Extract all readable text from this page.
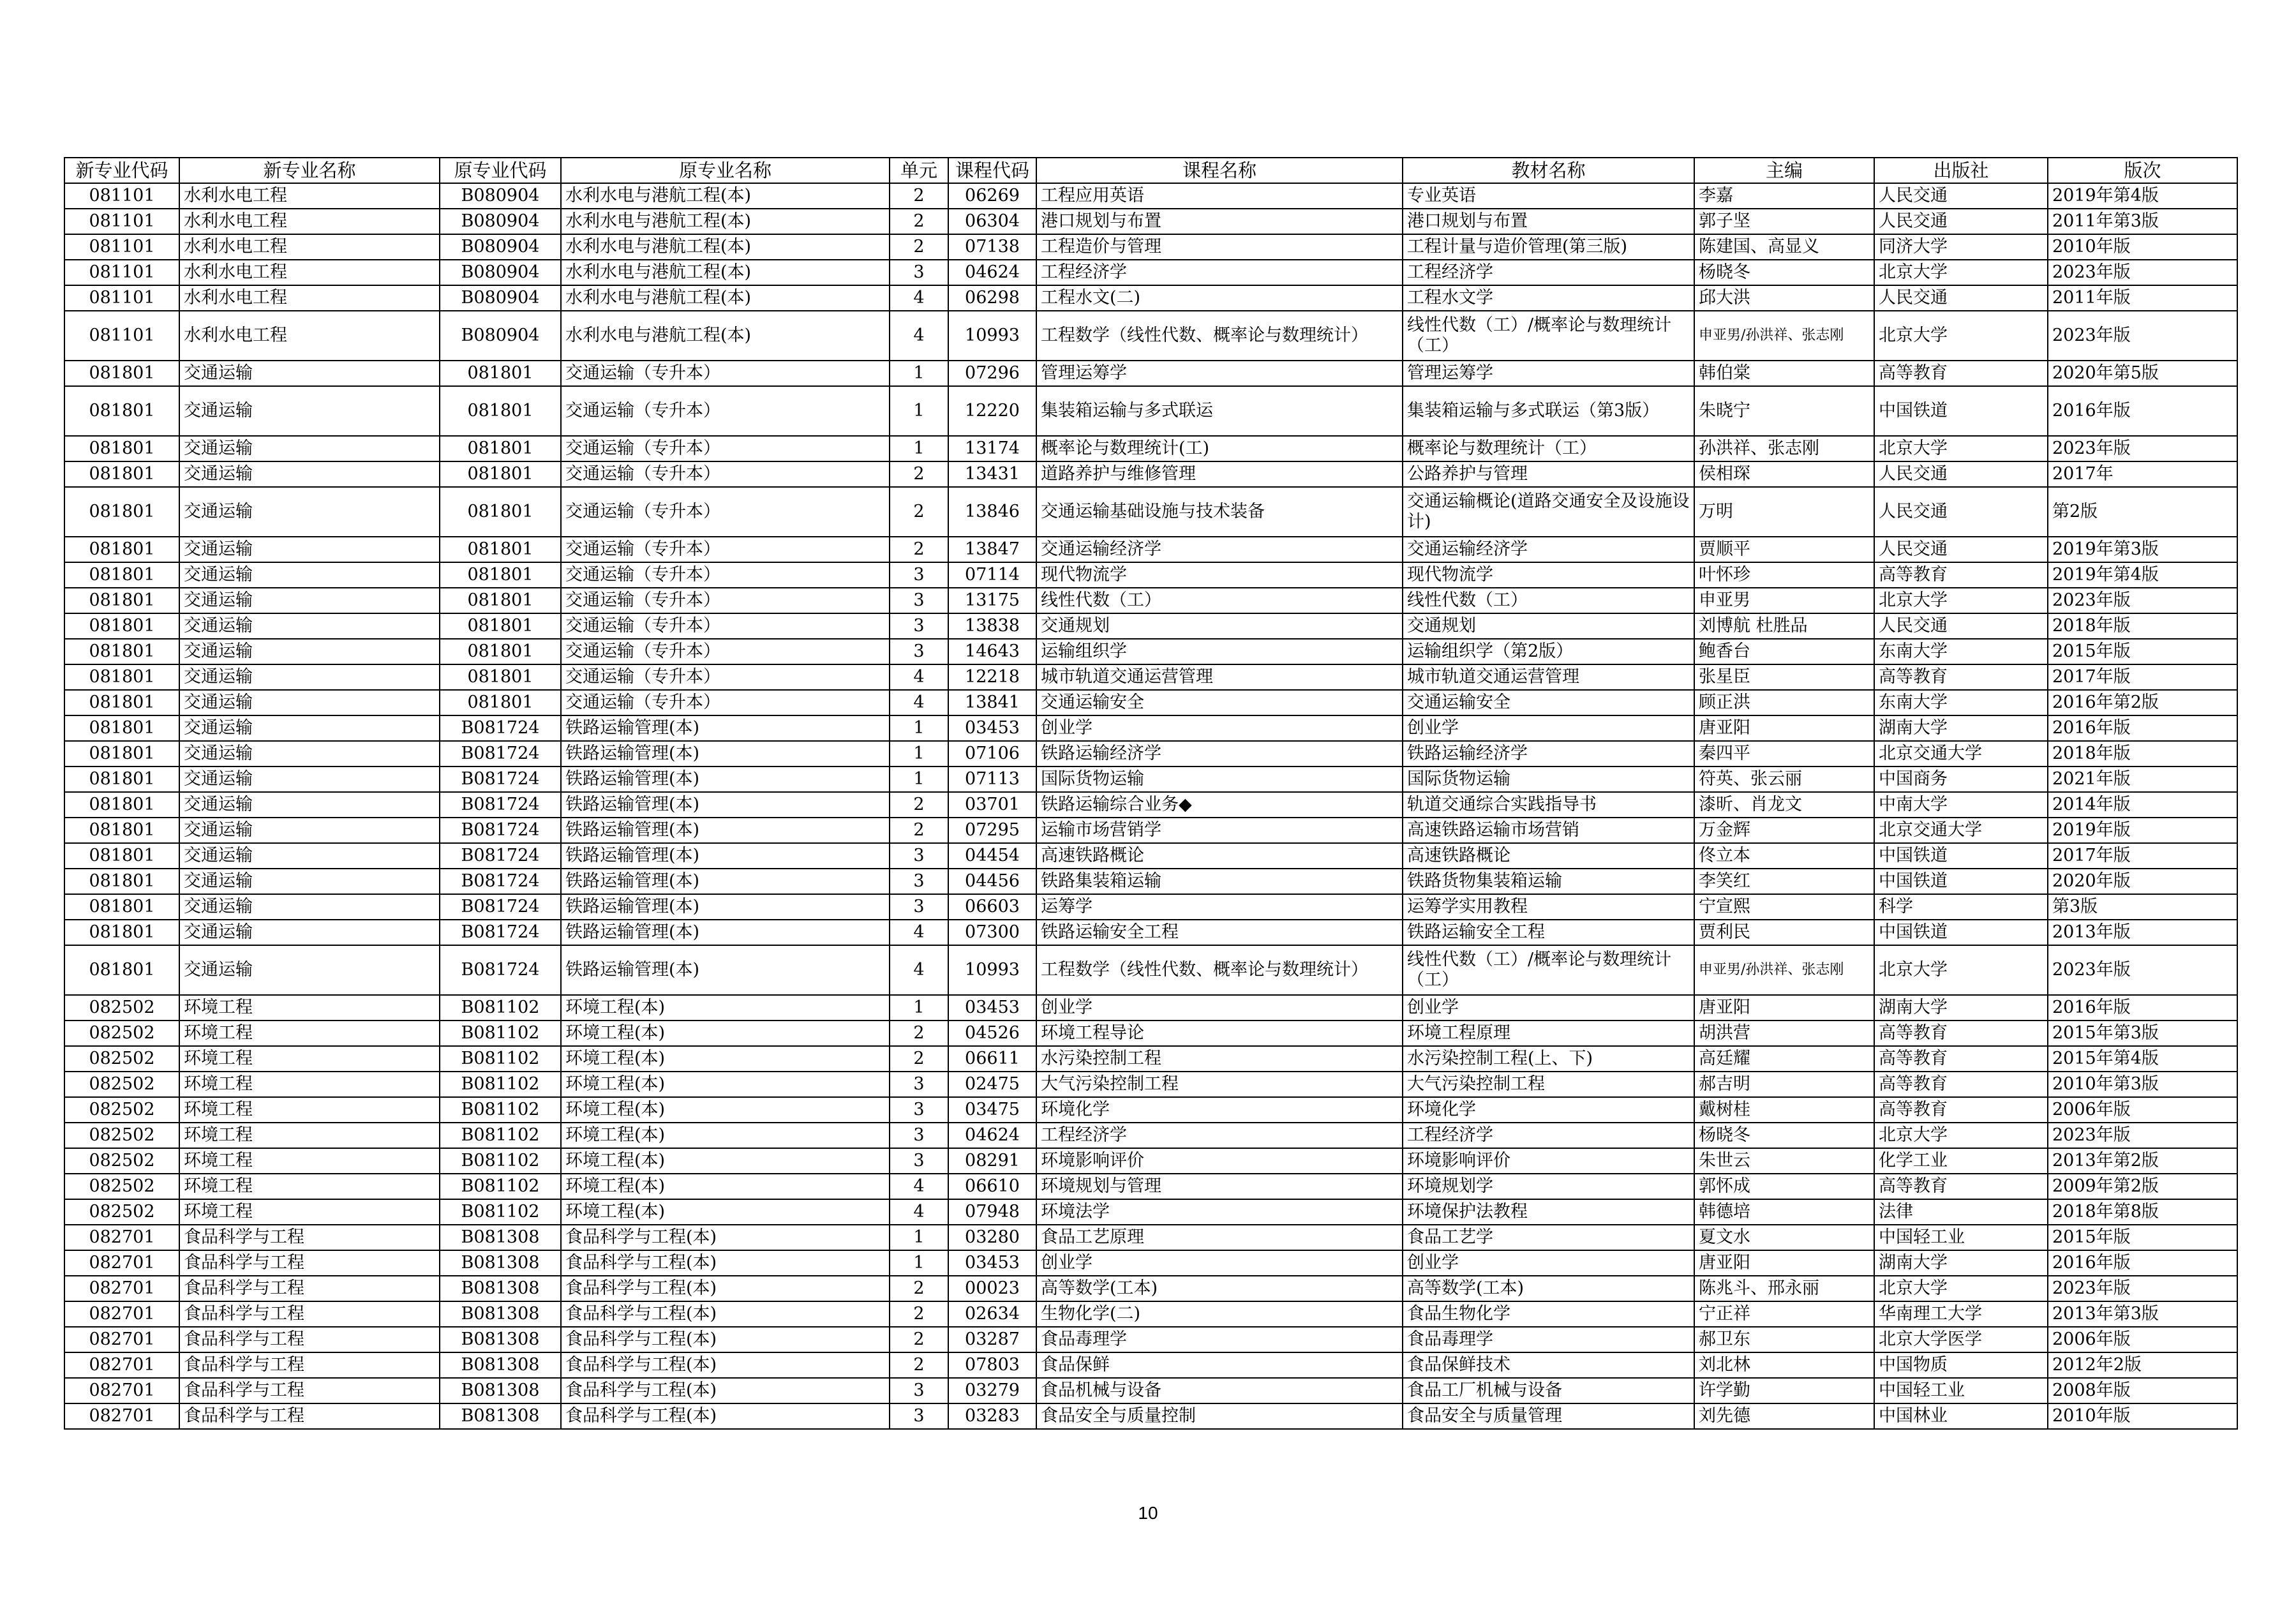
新专业代码	新专业名称	原专业代码	原专业名称	单元	课程代码	课程名称	教材名称	主编	出版社	版次
081101	水利水电工程	B080904	水利水电与港航工程(本)	2	06269	工程应用英语	专业英语	李嘉	人民交通	2019年第4版
081101	水利水电工程	B080904	水利水电与港航工程(本)	2	06304	港口规划与布置	港口规划与布置	郭子坚	人民交通	2011年第3版
081101	水利水电工程	B080904	水利水电与港航工程(本)	2	07138	工程造价与管理	工程计量与造价管理(第三版)	陈建国、高显义	同济大学	2010年版
081101	水利水电工程	B080904	水利水电与港航工程(本)	3	04624	工程经济学	工程经济学	杨晓冬	北京大学	2023年版
081101	水利水电工程	B080904	水利水电与港航工程(本)	4	06298	工程水文(二)	工程水文学	邱大洪	人民交通	2011年版
081101	水利水电工程	B080904	水利水电与港航工程(本)	4	10993	工程数学（线性代数、概率论与数理统计）	线性代数（工）/概率论与数理统计（工）	申亚男/孙洪祥、张志刚	北京大学	2023年版
081801	交通运输	081801	交通运输（专升本）	1	07296	管理运筹学	管理运筹学	韩伯棠	高等教育	2020年第5版
081801	交通运输	081801	交通运输（专升本）	1	12220	集装箱运输与多式联运	集装箱运输与多式联运（第3版）	朱晓宁	中国铁道	2016年版
081801	交通运输	081801	交通运输（专升本）	1	13174	概率论与数理统计(工)	概率论与数理统计（工）	孙洪祥、张志刚	北京大学	2023年版
081801	交通运输	081801	交通运输（专升本）	2	13431	道路养护与维修管理	公路养护与管理	侯相琛	人民交通	2017年
081801	交通运输	081801	交通运输（专升本）	2	13846	交通运输基础设施与技术装备	交通运输概论(道路交通安全及设施设计)	万明	人民交通	第2版
081801	交通运输	081801	交通运输（专升本）	2	13847	交通运输经济学	交通运输经济学	贾顺平	人民交通	2019年第3版
081801	交通运输	081801	交通运输（专升本）	3	07114	现代物流学	现代物流学	叶怀珍	高等教育	2019年第4版
081801	交通运输	081801	交通运输（专升本）	3	13175	线性代数（工）	线性代数（工）	申亚男	北京大学	2023年版
081801	交通运输	081801	交通运输（专升本）	3	13838	交通规划	交通规划	刘博航 杜胜品	人民交通	2018年版
081801	交通运输	081801	交通运输（专升本）	3	14643	运输组织学	运输组织学（第2版）	鲍香台	东南大学	2015年版
081801	交通运输	081801	交通运输（专升本）	4	12218	城市轨道交通运营管理	城市轨道交通运营管理	张星臣	高等教育	2017年版
081801	交通运输	081801	交通运输（专升本）	4	13841	交通运输安全	交通运输安全	顾正洪	东南大学	2016年第2版
081801	交通运输	B081724	铁路运输管理(本)	1	03453	创业学	创业学	唐亚阳	湖南大学	2016年版
081801	交通运输	B081724	铁路运输管理(本)	1	07106	铁路运输经济学	铁路运输经济学	秦四平	北京交通大学	2018年版
081801	交通运输	B081724	铁路运输管理(本)	1	07113	国际货物运输	国际货物运输	符英、张云丽	中国商务	2021年版
081801	交通运输	B081724	铁路运输管理(本)	2	03701	铁路运输综合业务◆	轨道交通综合实践指导书	漆昕、肖龙文	中南大学	2014年版
081801	交通运输	B081724	铁路运输管理(本)	2	07295	运输市场营销学	高速铁路运输市场营销	万金辉	北京交通大学	2019年版
081801	交通运输	B081724	铁路运输管理(本)	3	04454	高速铁路概论	高速铁路概论	佟立本	中国铁道	2017年版
081801	交通运输	B081724	铁路运输管理(本)	3	04456	铁路集装箱运输	铁路货物集装箱运输	李笑红	中国铁道	2020年版
081801	交通运输	B081724	铁路运输管理(本)	3	06603	运筹学	运筹学实用教程	宁宣熙	科学	第3版
081801	交通运输	B081724	铁路运输管理(本)	4	07300	铁路运输安全工程	铁路运输安全工程	贾利民	中国铁道	2013年版
081801	交通运输	B081724	铁路运输管理(本)	4	10993	工程数学（线性代数、概率论与数理统计）	线性代数（工）/概率论与数理统计（工）	申亚男/孙洪祥、张志刚	北京大学	2023年版
082502	环境工程	B081102	环境工程(本)	1	03453	创业学	创业学	唐亚阳	湖南大学	2016年版
082502	环境工程	B081102	环境工程(本)	2	04526	环境工程导论	环境工程原理	胡洪营	高等教育	2015年第3版
082502	环境工程	B081102	环境工程(本)	2	06611	水污染控制工程	水污染控制工程(上、下)	高廷耀	高等教育	2015年第4版
082502	环境工程	B081102	环境工程(本)	3	02475	大气污染控制工程	大气污染控制工程	郝吉明	高等教育	2010年第3版
082502	环境工程	B081102	环境工程(本)	3	03475	环境化学	环境化学	戴树桂	高等教育	2006年版
082502	环境工程	B081102	环境工程(本)	3	04624	工程经济学	工程经济学	杨晓冬	北京大学	2023年版
082502	环境工程	B081102	环境工程(本)	3	08291	环境影响评价	环境影响评价	朱世云	化学工业	2013年第2版
082502	环境工程	B081102	环境工程(本)	4	06610	环境规划与管理	环境规划学	郭怀成	高等教育	2009年第2版
082502	环境工程	B081102	环境工程(本)	4	07948	环境法学	环境保护法教程	韩德培	法律	2018年第8版
082701	食品科学与工程	B081308	食品科学与工程(本)	1	03280	食品工艺原理	食品工艺学	夏文水	中国轻工业	2015年版
082701	食品科学与工程	B081308	食品科学与工程(本)	1	03453	创业学	创业学	唐亚阳	湖南大学	2016年版
082701	食品科学与工程	B081308	食品科学与工程(本)	2	00023	高等数学(工本)	高等数学(工本)	陈兆斗、邢永丽	北京大学	2023年版
082701	食品科学与工程	B081308	食品科学与工程(本)	2	02634	生物化学(二)	食品生物化学	宁正祥	华南理工大学	2013年第3版
082701	食品科学与工程	B081308	食品科学与工程(本)	2	03287	食品毒理学	食品毒理学	郝卫东	北京大学医学	2006年版
082701	食品科学与工程	B081308	食品科学与工程(本)	2	07803	食品保鲜	食品保鲜技术	刘北林	中国物质	2012年2版
082701	食品科学与工程	B081308	食品科学与工程(本)	3	03279	食品机械与设备	食品工厂机械与设备	许学勤	中国轻工业	2008年版
082701	食品科学与工程	B081308	食品科学与工程(本)	3	03283	食品安全与质量控制	食品安全与质量管理	刘先德	中国林业	2010年版
10
